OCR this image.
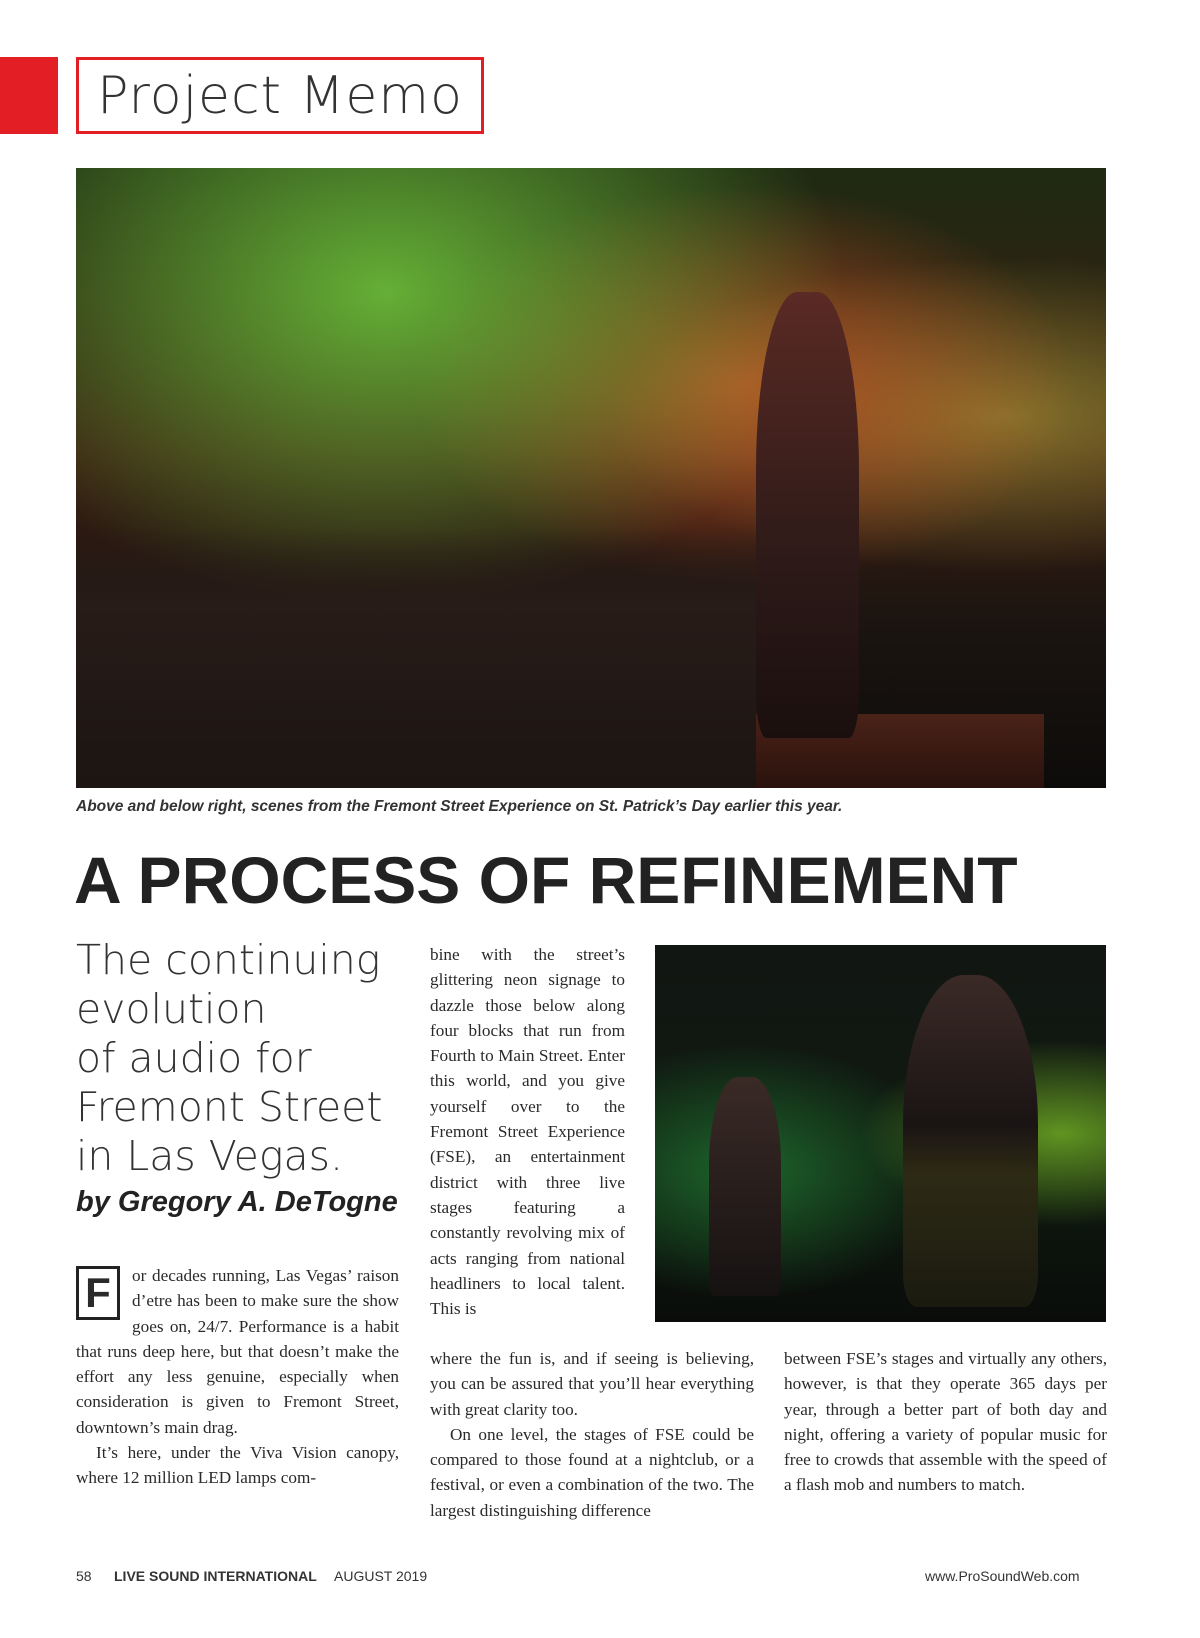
Project Memo
Above and below right, scenes from the Fremont Street Experience on St. Patrick’s Day earlier this year.
A PROCESS OF REFINEMENT
The continuing
evolution
of audio for
Fremont Street
in Las Vegas.
by Gregory A. DeTogne

F	or decades running, Las Vegas’ raison d’etre has been to make sure the show goes on, 24/7. Performance is a habit that runs deep here, but that doesn’t make the effort any less genuine, especially when consideration is given to Fremont Street, downtown’s main drag.

It’s here, under the Viva Vision canopy, where 12 million LED lamps com-

bine with the street’s glittering neon signage to dazzle those below along four blocks that run from Fourth to Main Street. Enter this world, and you give yourself over to the Fremont Street Experience (FSE), an entertainment district with three live stages featuring a constantly revolving mix of acts ranging from national headliners to local talent. This is

where the fun is, and if seeing is believing, you can be assured that you’ll hear everything with great clarity too.

On one level, the stages of FSE could be compared to those found at a nightclub, or a festival, or even a combination of the two. The largest distinguishing difference

between FSE’s stages and virtually any others, however, is that they operate 365 days per year, through a better part of both day and night, offering a variety of popular music for free to crowds that assemble with the speed of a flash mob and numbers to match.

58 LIVE SOUND INTERNATIONAL AUGUST 2019	www.ProSoundWeb.com
